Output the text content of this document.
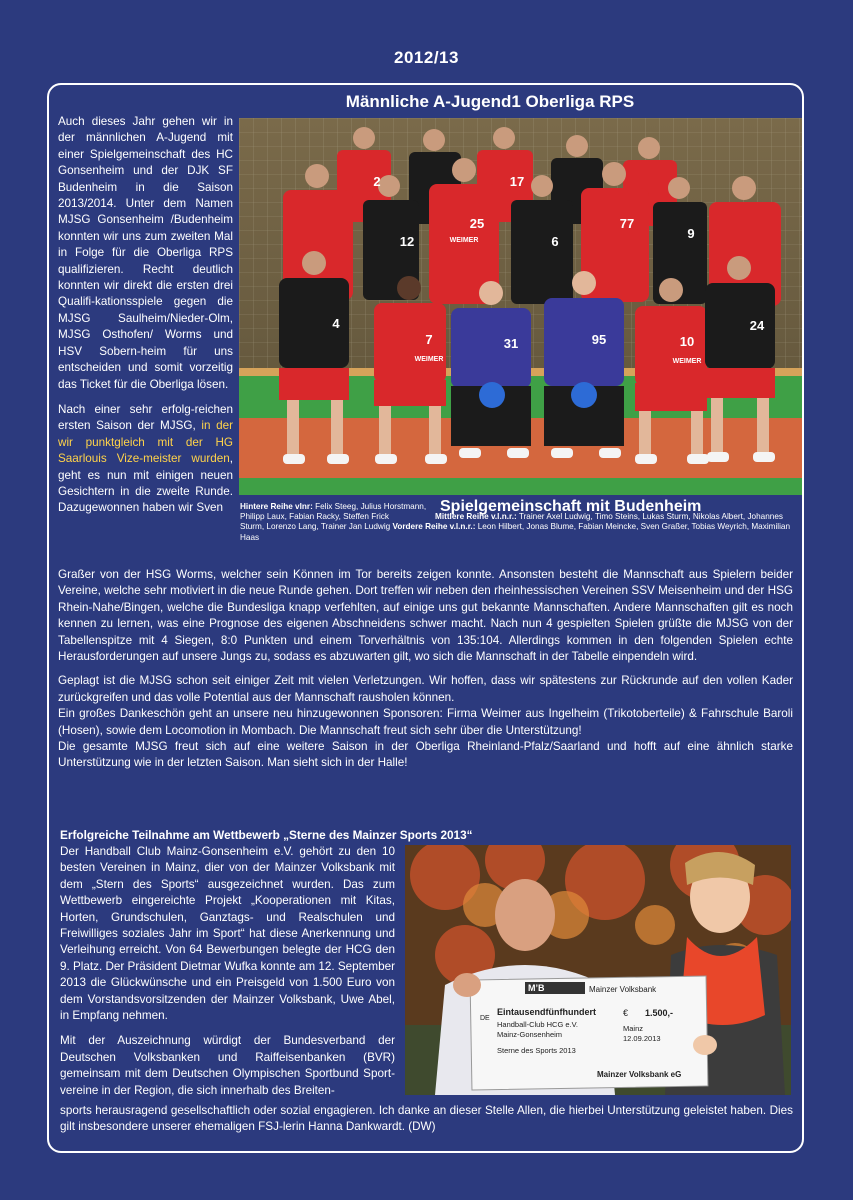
2012/13
Männliche A-Jugend1 Oberliga RPS

Auch dieses Jahr gehen wir in der männlichen A-Jugend mit einer Spielgemeinschaft des HC Gonsenheim und der DJK SF Budenheim in die Saison 2013/2014. Unter dem Namen MJSG Gonsenheim /Budenheim konnten wir uns zum zweiten Mal in Folge für die Oberliga RPS qualifizieren. Recht deutlich konnten wir direkt die ersten drei Qualifi-kationsspiele gegen die MJSG Saulheim/Nieder-Olm, MJSG Osthofen/ Worms und HSV Sobern-heim für uns entscheiden und somit vorzeitig das Ticket für die Oberliga lösen.

Nach einer sehr erfolg-reichen ersten Saison der MJSG, in der wir punktgleich mit der HG Saarlouis Vize-meister wurden, geht es nun mit einigen neuen Gesichtern in die zweite Runde. Dazugewonnen haben wir Sven

2	17
25
12	6
77
9
4
7	31	95	10
24
WEIMER
WEIMER	WEIMER
Spielgemeinschaft mit Budenheim
Hintere Reihe vlnr: Felix Steeg, Julius Horstmann, Philipp Laux, Fabian Racky, Steffen Frick	Mittlere Reihe v.l.n.r.: Trainer Axel Ludwig, Timo Steins, Lukas Sturm, Nikolas Albert, Johannes Sturm, Lorenzo Lang, Trainer Jan Ludwig Vordere Reihe v.l.n.r.: Leon Hilbert, Jonas Blume, Fabian Meincke, Sven Graßer, Tobias Weyrich, Maximilian Haas

Graßer von der HSG Worms, welcher sein Können im Tor bereits zeigen konnte. Ansonsten besteht die Mannschaft aus Spielern beider Vereine, welche sehr motiviert in die neue Runde gehen. Dort treffen wir neben den rheinhessischen Vereinen SSV Meisenheim und der HSG Rhein-Nahe/Bingen, welche die Bundesliga knapp verfehlten, auf einige uns gut bekannte Mannschaften. Andere Mannschaften gilt es noch kennen zu lernen, was eine Prognose des eigenen Abschneidens schwer macht. Nach nun 4 gespielten Spielen grüßte die MJSG von der Tabellenspitze mit 4 Siegen, 8:0 Punkten und einem Torverhältnis von 135:104. Allerdings kommen in den folgenden Spielen echte Herausforderungen auf unsere Jungs zu, sodass es abzuwarten gilt, wo sich die Mannschaft in der Tabelle einpendeln wird.

Geplagt ist die MJSG schon seit einiger Zeit mit vielen Verletzungen. Wir hoffen, dass wir spätestens zur Rückrunde auf den vollen Kader zurückgreifen und das volle Potential aus der Mannschaft rausholen können.

Ein großes Dankeschön geht an unsere neu hinzugewonnen Sponsoren: Firma Weimer aus Ingelheim (Trikotoberteile) & Fahrschule Baroli (Hosen), sowie dem Locomotion in Mombach. Die Mannschaft freut sich sehr über die Unterstützung!

Die gesamte MJSG freut sich auf eine weitere Saison in der Oberliga Rheinland-Pfalz/Saarland und hofft auf eine ähnlich starke Unterstützung wie in der letzten Saison. Man sieht sich in der Halle!

Erfolgreiche Teilnahme am Wettbewerb „Sterne des Mainzer Sports 2013“

Der Handball Club Mainz-Gonsenheim e.V. gehört zu den 10 besten Vereinen in Mainz, dier von der Mainzer Volksbank mit dem „Stern des Sports“ ausgezeichnet wurden. Das zum Wettbewerb eingereichte Projekt „Kooperationen mit Kitas, Horten, Grundschulen, Ganztags- und Realschulen und Freiwilliges soziales Jahr im Sport“ hat diese Anerkennung und Verleihung erreicht. Von 64 Bewerbungen belegte der HCG den 9. Platz. Der Präsident Dietmar Wufka konnte am 12. September 2013 die Glückwünsche und ein Preisgeld von 1.500 Euro von dem Vorstandsvorsitzenden der Mainzer Volksbank, Uwe Abel, in Empfang nehmen.

Mit der Auszeichnung würdigt der Bundesverband der Deutschen Volksbanken und Raiffeisenbanken (BVR) gemeinsam mit dem Deutschen Olympischen Sportbund Sport-vereine in der Region, die sich innerhalb des Breiten-

M’B	Mainzer Volksbank
DE
Eintausendfünfhundert
Handball-Club HCG e.V.
Mainz-Gonsenheim
Sterne des Sports 2013
€ 1.500,-
Mainz
12.09.2013
Mainzer Volksbank eG

sports herausragend gesellschaftlich oder sozial engagieren. Ich danke an dieser Stelle Allen, die hierbei Unterstützung geleistet haben. Dies gilt insbesondere unserer ehemaligen FSJ-lerin Hanna Dankwardt. (DW)
